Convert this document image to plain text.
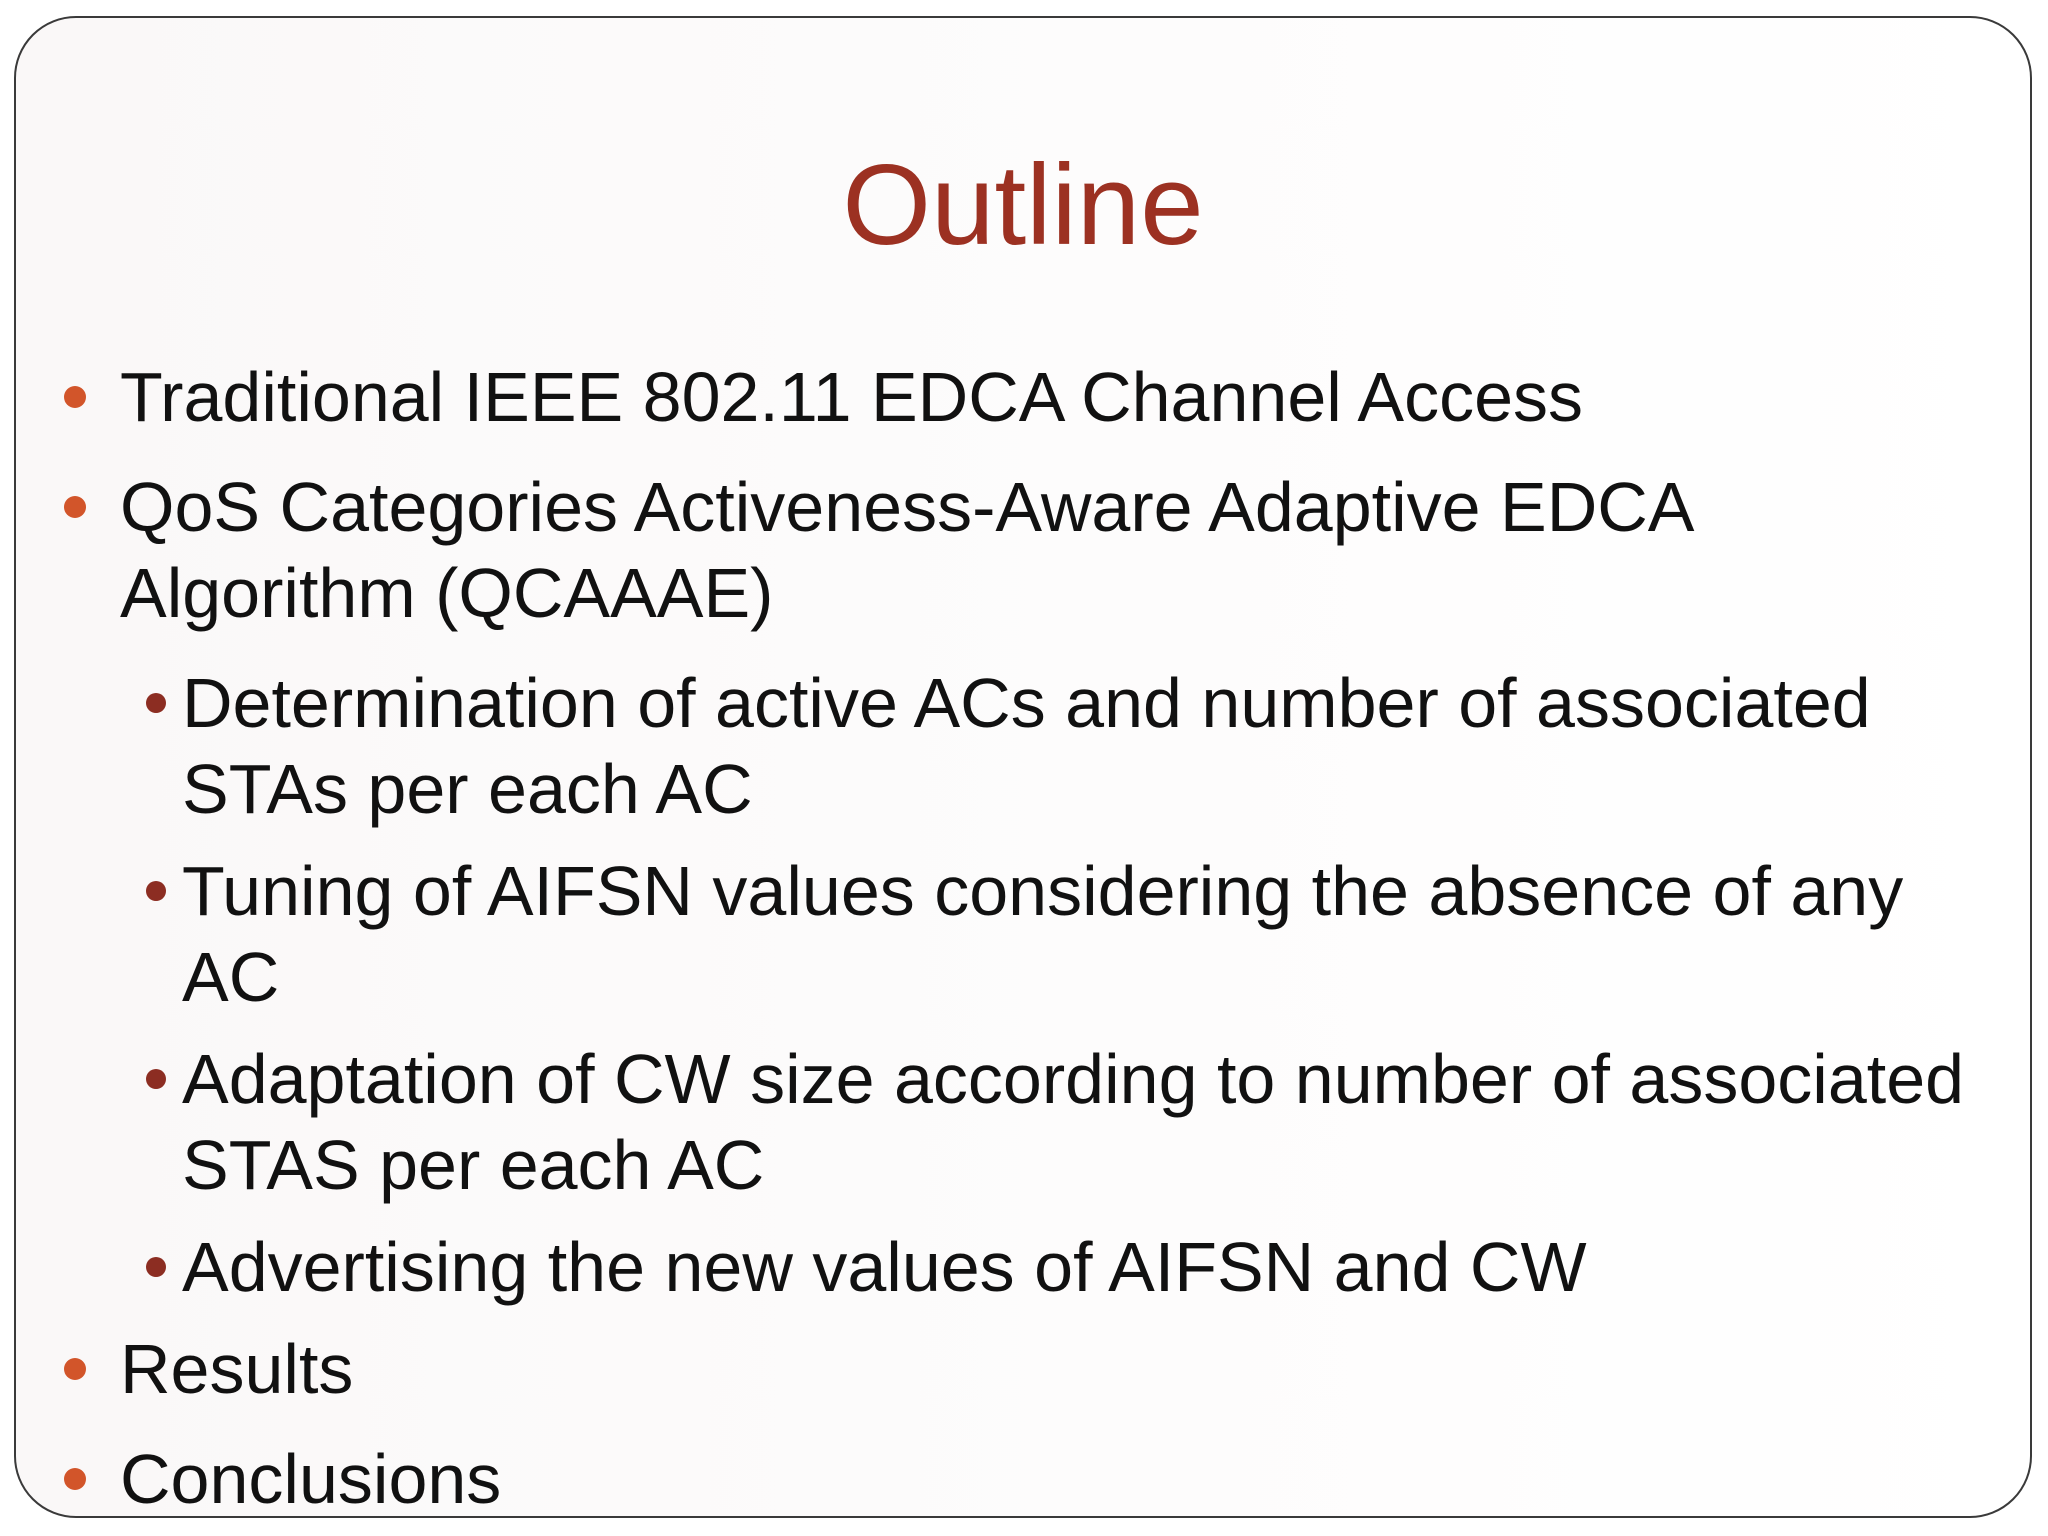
Outline
Traditional IEEE 802.11 EDCA Channel Access
QoS Categories Activeness-Aware Adaptive EDCA Algorithm (QCAAAE)
Determination of active ACs and number of associated STAs per each AC
Tuning of AIFSN values considering the absence of any AC
Adaptation of CW size according to number of associated STAS per each AC
Advertising the new values of AIFSN and CW
Results
Conclusions
